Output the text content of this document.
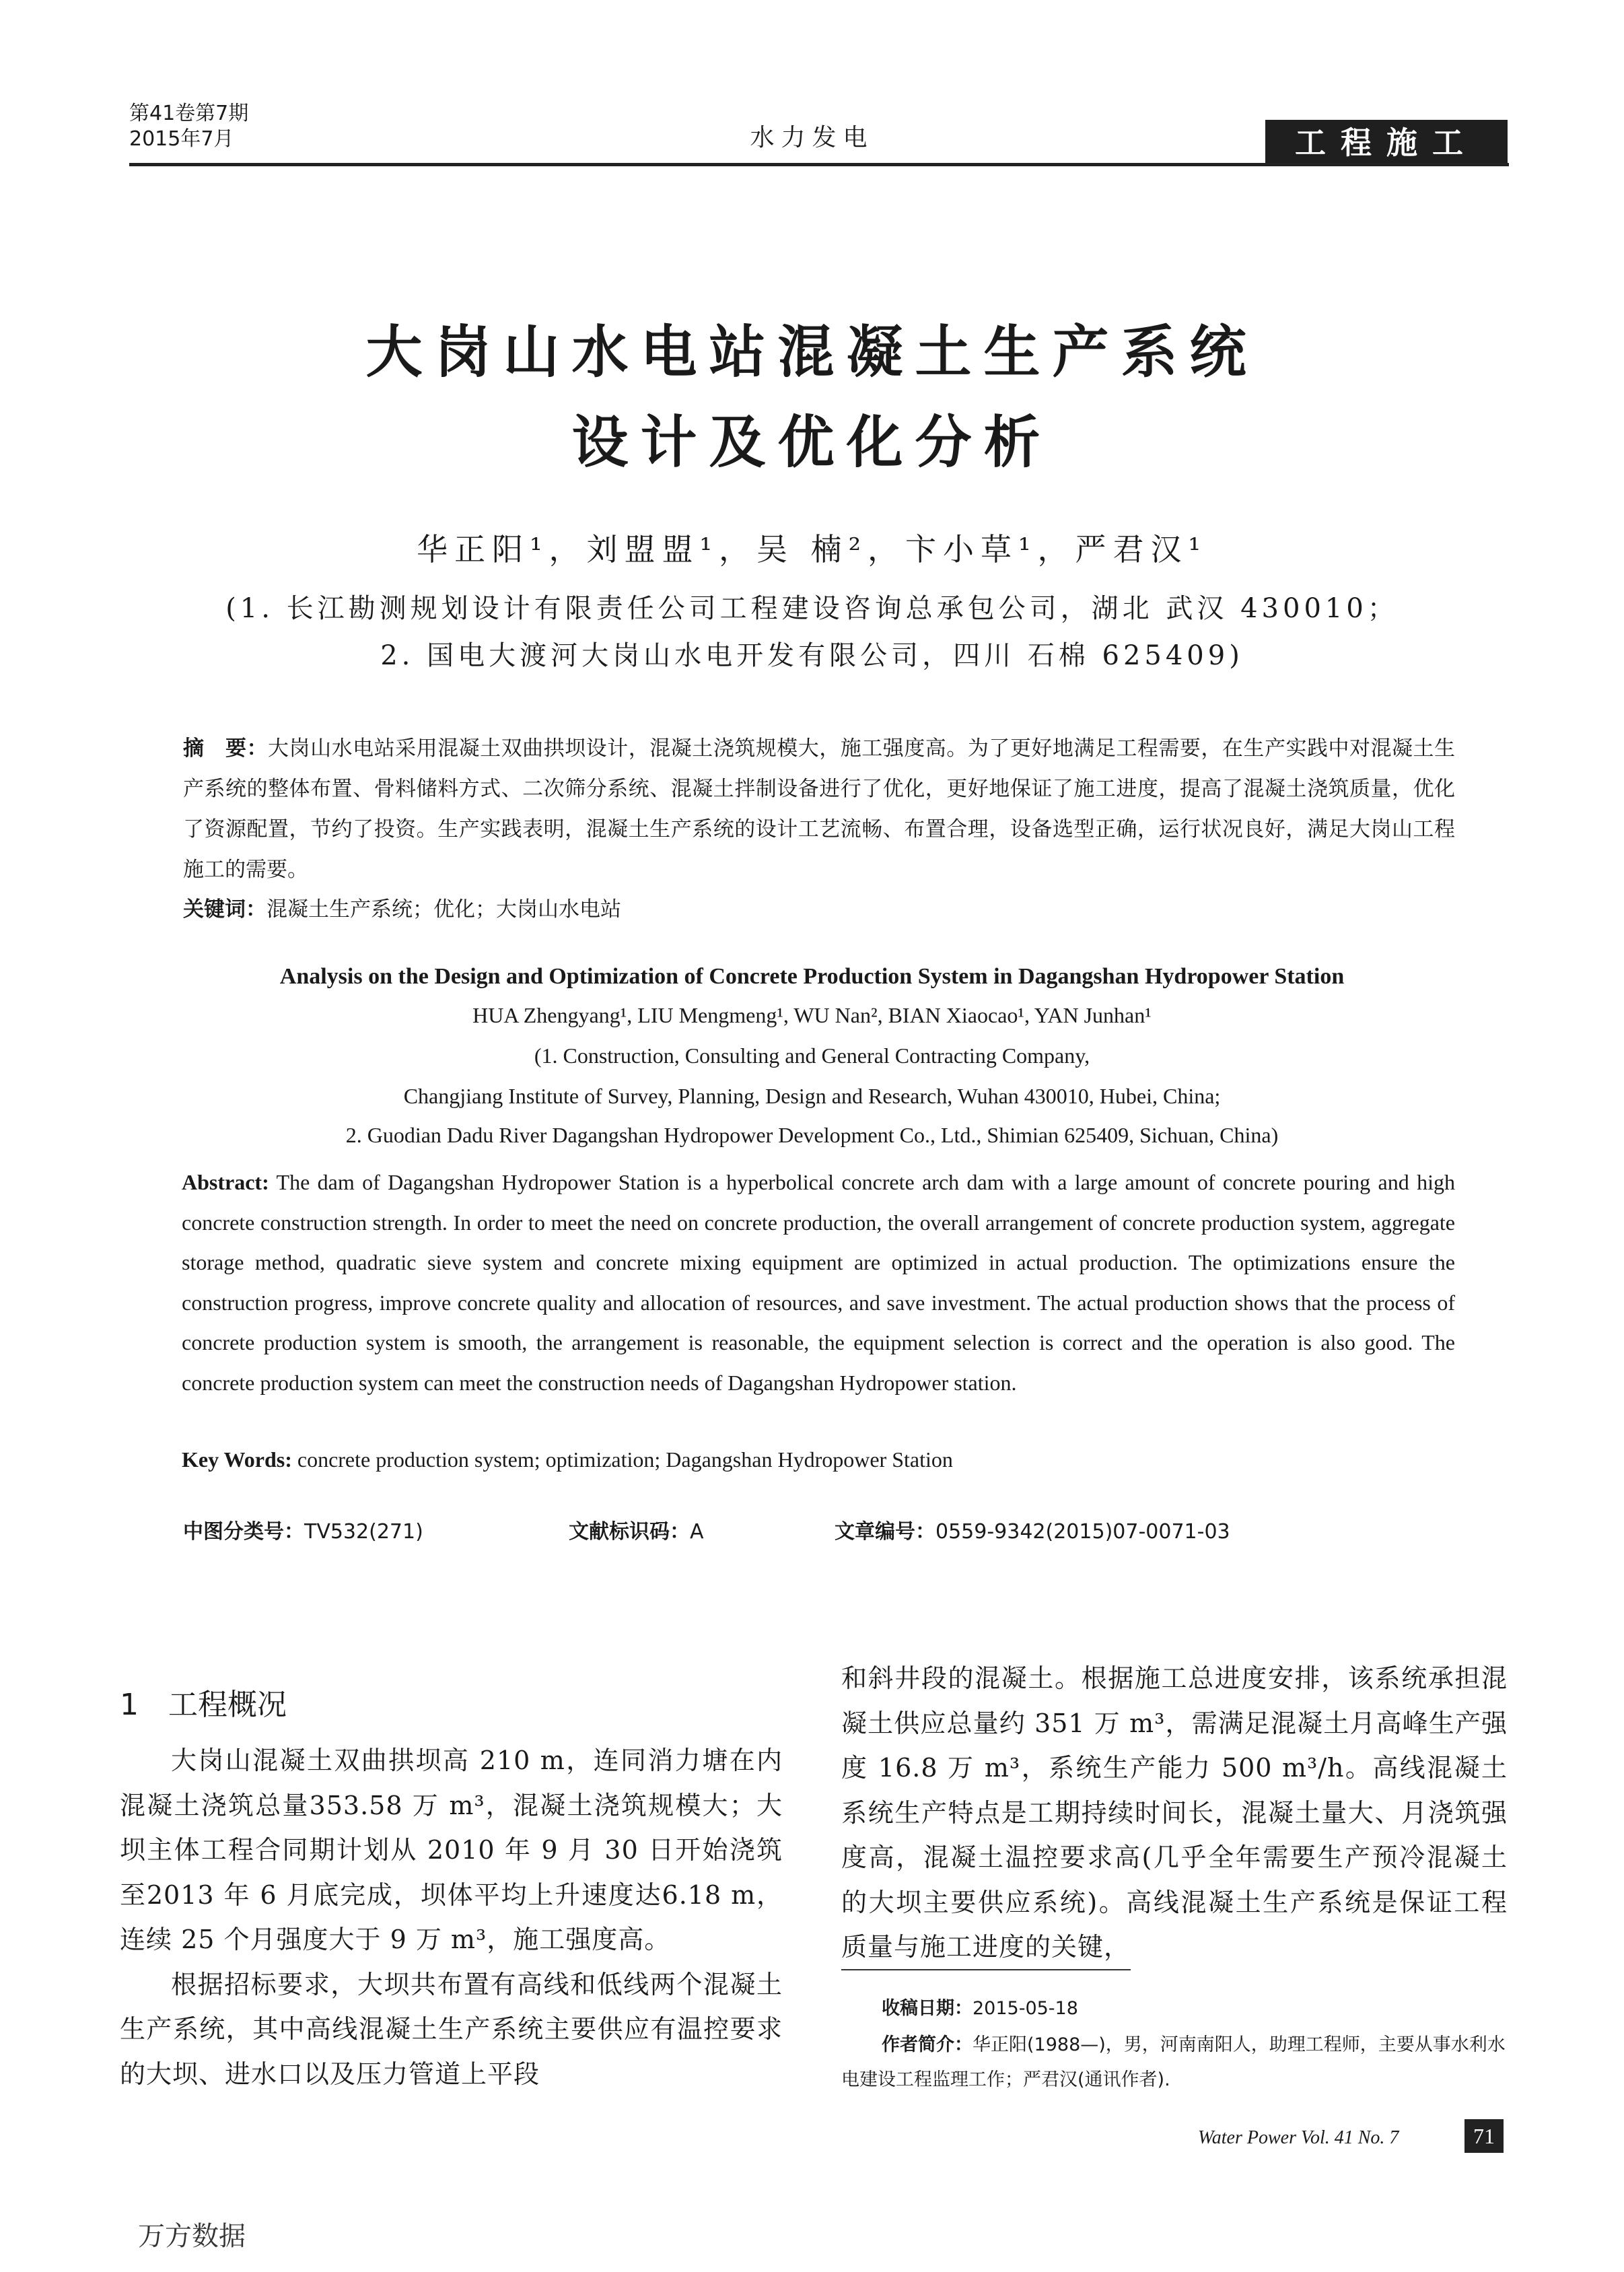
第41卷第7期
2015年7月	水力发电	工程施工
大岗山水电站混凝土生产系统
设计及优化分析
华正阳¹，刘盟盟¹，吴 楠²，卞小草¹，严君汉¹
(1. 长江勘测规划设计有限责任公司工程建设咨询总承包公司，湖北 武汉 430010；
2. 国电大渡河大岗山水电开发有限公司，四川 石棉 625409)
摘　要：大岗山水电站采用混凝土双曲拱坝设计，混凝土浇筑规模大，施工强度高。为了更好地满足工程需要，在生产实践中对混凝土生产系统的整体布置、骨料储料方式、二次筛分系统、混凝土拌制设备进行了优化，更好地保证了施工进度，提高了混凝土浇筑质量，优化了资源配置，节约了投资。生产实践表明，混凝土生产系统的设计工艺流畅、布置合理，设备选型正确，运行状况良好，满足大岗山工程施工的需要。
关键词：混凝土生产系统；优化；大岗山水电站
Analysis on the Design and Optimization of Concrete Production System in Dagangshan Hydropower Station
HUA Zhengyang¹, LIU Mengmeng¹, WU Nan², BIAN Xiaocao¹, YAN Junhan¹
(1. Construction, Consulting and General Contracting Company,
Changjiang Institute of Survey, Planning, Design and Research, Wuhan 430010, Hubei, China;
2. Guodian Dadu River Dagangshan Hydropower Development Co., Ltd., Shimian 625409, Sichuan, China)
Abstract: The dam of Dagangshan Hydropower Station is a hyperbolical concrete arch dam with a large amount of concrete pouring and high concrete construction strength. In order to meet the need on concrete production, the overall arrangement of concrete production system, aggregate storage method, quadratic sieve system and concrete mixing equipment are optimized in actual production. The optimizations ensure the construction progress, improve concrete quality and allocation of resources, and save investment. The actual production shows that the process of concrete production system is smooth, the arrangement is reasonable, the equipment selection is correct and the operation is also good. The concrete production system can meet the construction needs of Dagangshan Hydropower station.
Key Words: concrete production system; optimization; Dagangshan Hydropower Station
中图分类号：TV532(271)	文献标识码：A	文章编号：0559-9342(2015)07-0071-03
1　工程概况

大岗山混凝土双曲拱坝高 210 m，连同消力塘在内混凝土浇筑总量353.58 万 m³，混凝土浇筑规模大；大坝主体工程合同期计划从 2010 年 9 月 30 日开始浇筑至2013 年 6 月底完成，坝体平均上升速度达6.18 m，连续 25 个月强度大于 9 万 m³，施工强度高。

根据招标要求，大坝共布置有高线和低线两个混凝土生产系统，其中高线混凝土生产系统主要供应有温控要求的大坝、进水口以及压力管道上平段

和斜井段的混凝土。根据施工总进度安排，该系统承担混凝土供应总量约 351 万 m³，需满足混凝土月高峰生产强度 16.8 万 m³，系统生产能力 500 m³/h。高线混凝土系统生产特点是工期持续时间长，混凝土量大、月浇筑强度高，混凝土温控要求高(几乎全年需要生产预冷混凝土的大坝主要供应系统)。高线混凝土生产系统是保证工程质量与施工进度的关键，

收稿日期：2015-05-18
作者简介：华正阳(1988—)，男，河南南阳人，助理工程师，主要从事水利水电建设工程监理工作；严君汉(通讯作者).
Water Power Vol. 41 No. 7	71
万方数据
